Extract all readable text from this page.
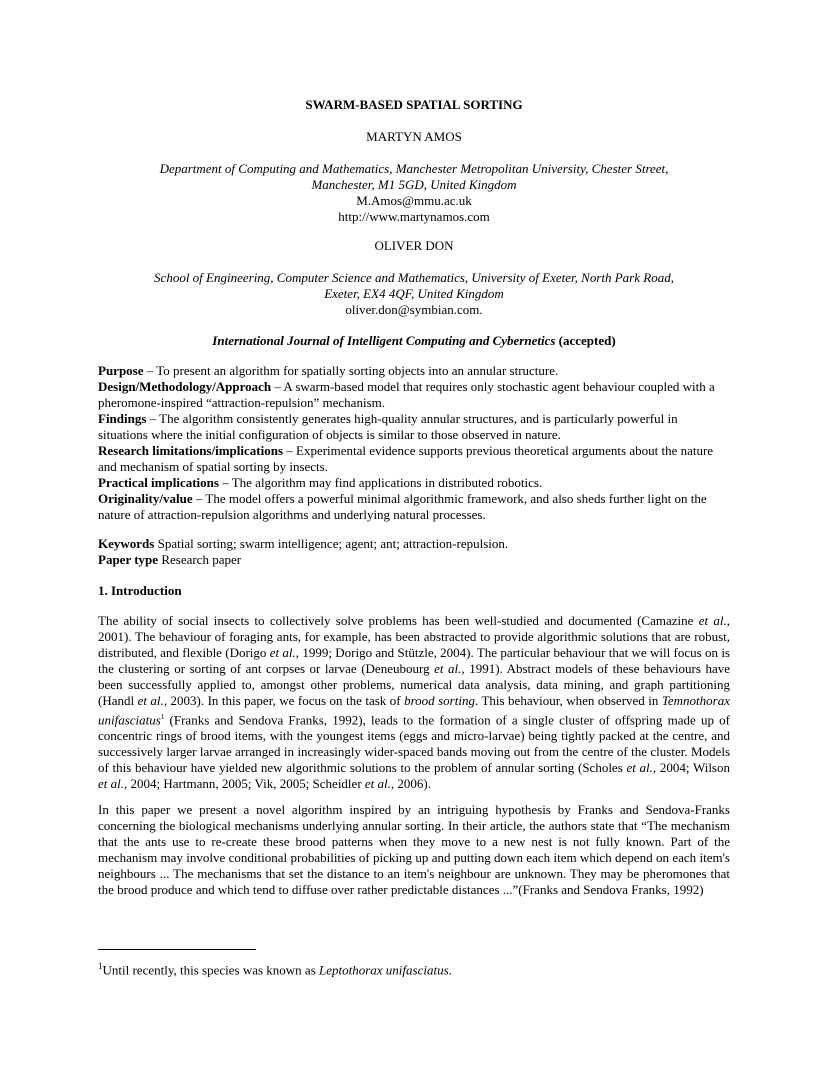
SWARM-BASED SPATIAL SORTING
MARTYN AMOS
Department of Computing and Mathematics, Manchester Metropolitan University, Chester Street,
Manchester, M1 5GD, United Kingdom
M.Amos@mmu.ac.uk
http://www.martynamos.com
OLIVER DON
School of Engineering, Computer Science and Mathematics, University of Exeter, North Park Road,
Exeter, EX4 4QF, United Kingdom
oliver.don@symbian.com.
International Journal of Intelligent Computing and Cybernetics (accepted)

Purpose – To present an algorithm for spatially sorting objects into an annular structure.

Design/Methodology/Approach – A swarm-based model that requires only stochastic agent behaviour coupled with a pheromone-inspired “attraction-repulsion” mechanism.

Findings – The algorithm consistently generates high-quality annular structures, and is particularly powerful in situations where the initial configuration of objects is similar to those observed in nature.

Research limitations/implications – Experimental evidence supports previous theoretical arguments about the nature and mechanism of spatial sorting by insects.

Practical implications – The algorithm may find applications in distributed robotics.

Originality/value – The model offers a powerful minimal algorithmic framework, and also sheds further light on the nature of attraction-repulsion algorithms and underlying natural processes.

Keywords Spatial sorting; swarm intelligence; agent; ant; attraction-repulsion.

Paper type Research paper

1. Introduction

The ability of social insects to collectively solve problems has been well-studied and documented (Camazine et al., 2001). The behaviour of foraging ants, for example, has been abstracted to provide algorithmic solutions that are robust, distributed, and flexible (Dorigo et al., 1999; Dorigo and Stützle, 2004). The particular behaviour that we will focus on is the clustering or sorting of ant corpses or larvae (Deneubourg et al., 1991). Abstract models of these behaviours have been successfully applied to, amongst other problems, numerical data analysis, data mining, and graph partitioning (Handl et al., 2003). In this paper, we focus on the task of brood sorting. This behaviour, when observed in Temnothorax unifasciatus$^1$ (Franks and Sendova Franks, 1992), leads to the formation of a single cluster of offspring made up of concentric rings of brood items, with the youngest items (eggs and micro-larvae) being tightly packed at the centre, and successively larger larvae arranged in increasingly wider-spaced bands moving out from the centre of the cluster. Models of this behaviour have yielded new algorithmic solutions to the problem of annular sorting (Scholes et al., 2004; Wilson et al., 2004; Hartmann, 2005; Vik, 2005; Scheidler et al., 2006).

In this paper we present a novel algorithm inspired by an intriguing hypothesis by Franks and Sendova-Franks concerning the biological mechanisms underlying annular sorting. In their article, the authors state that “The mechanism that the ants use to re-create these brood patterns when they move to a new nest is not fully known. Part of the mechanism may involve conditional probabilities of picking up and putting down each item which depend on each item's neighbours ... The mechanisms that set the distance to an item's neighbour are unknown. They may be pheromones that the brood produce and which tend to diffuse over rather predictable distances ...”(Franks and Sendova Franks, 1992)

$^1$Until recently, this species was known as Leptothorax unifasciatus.
